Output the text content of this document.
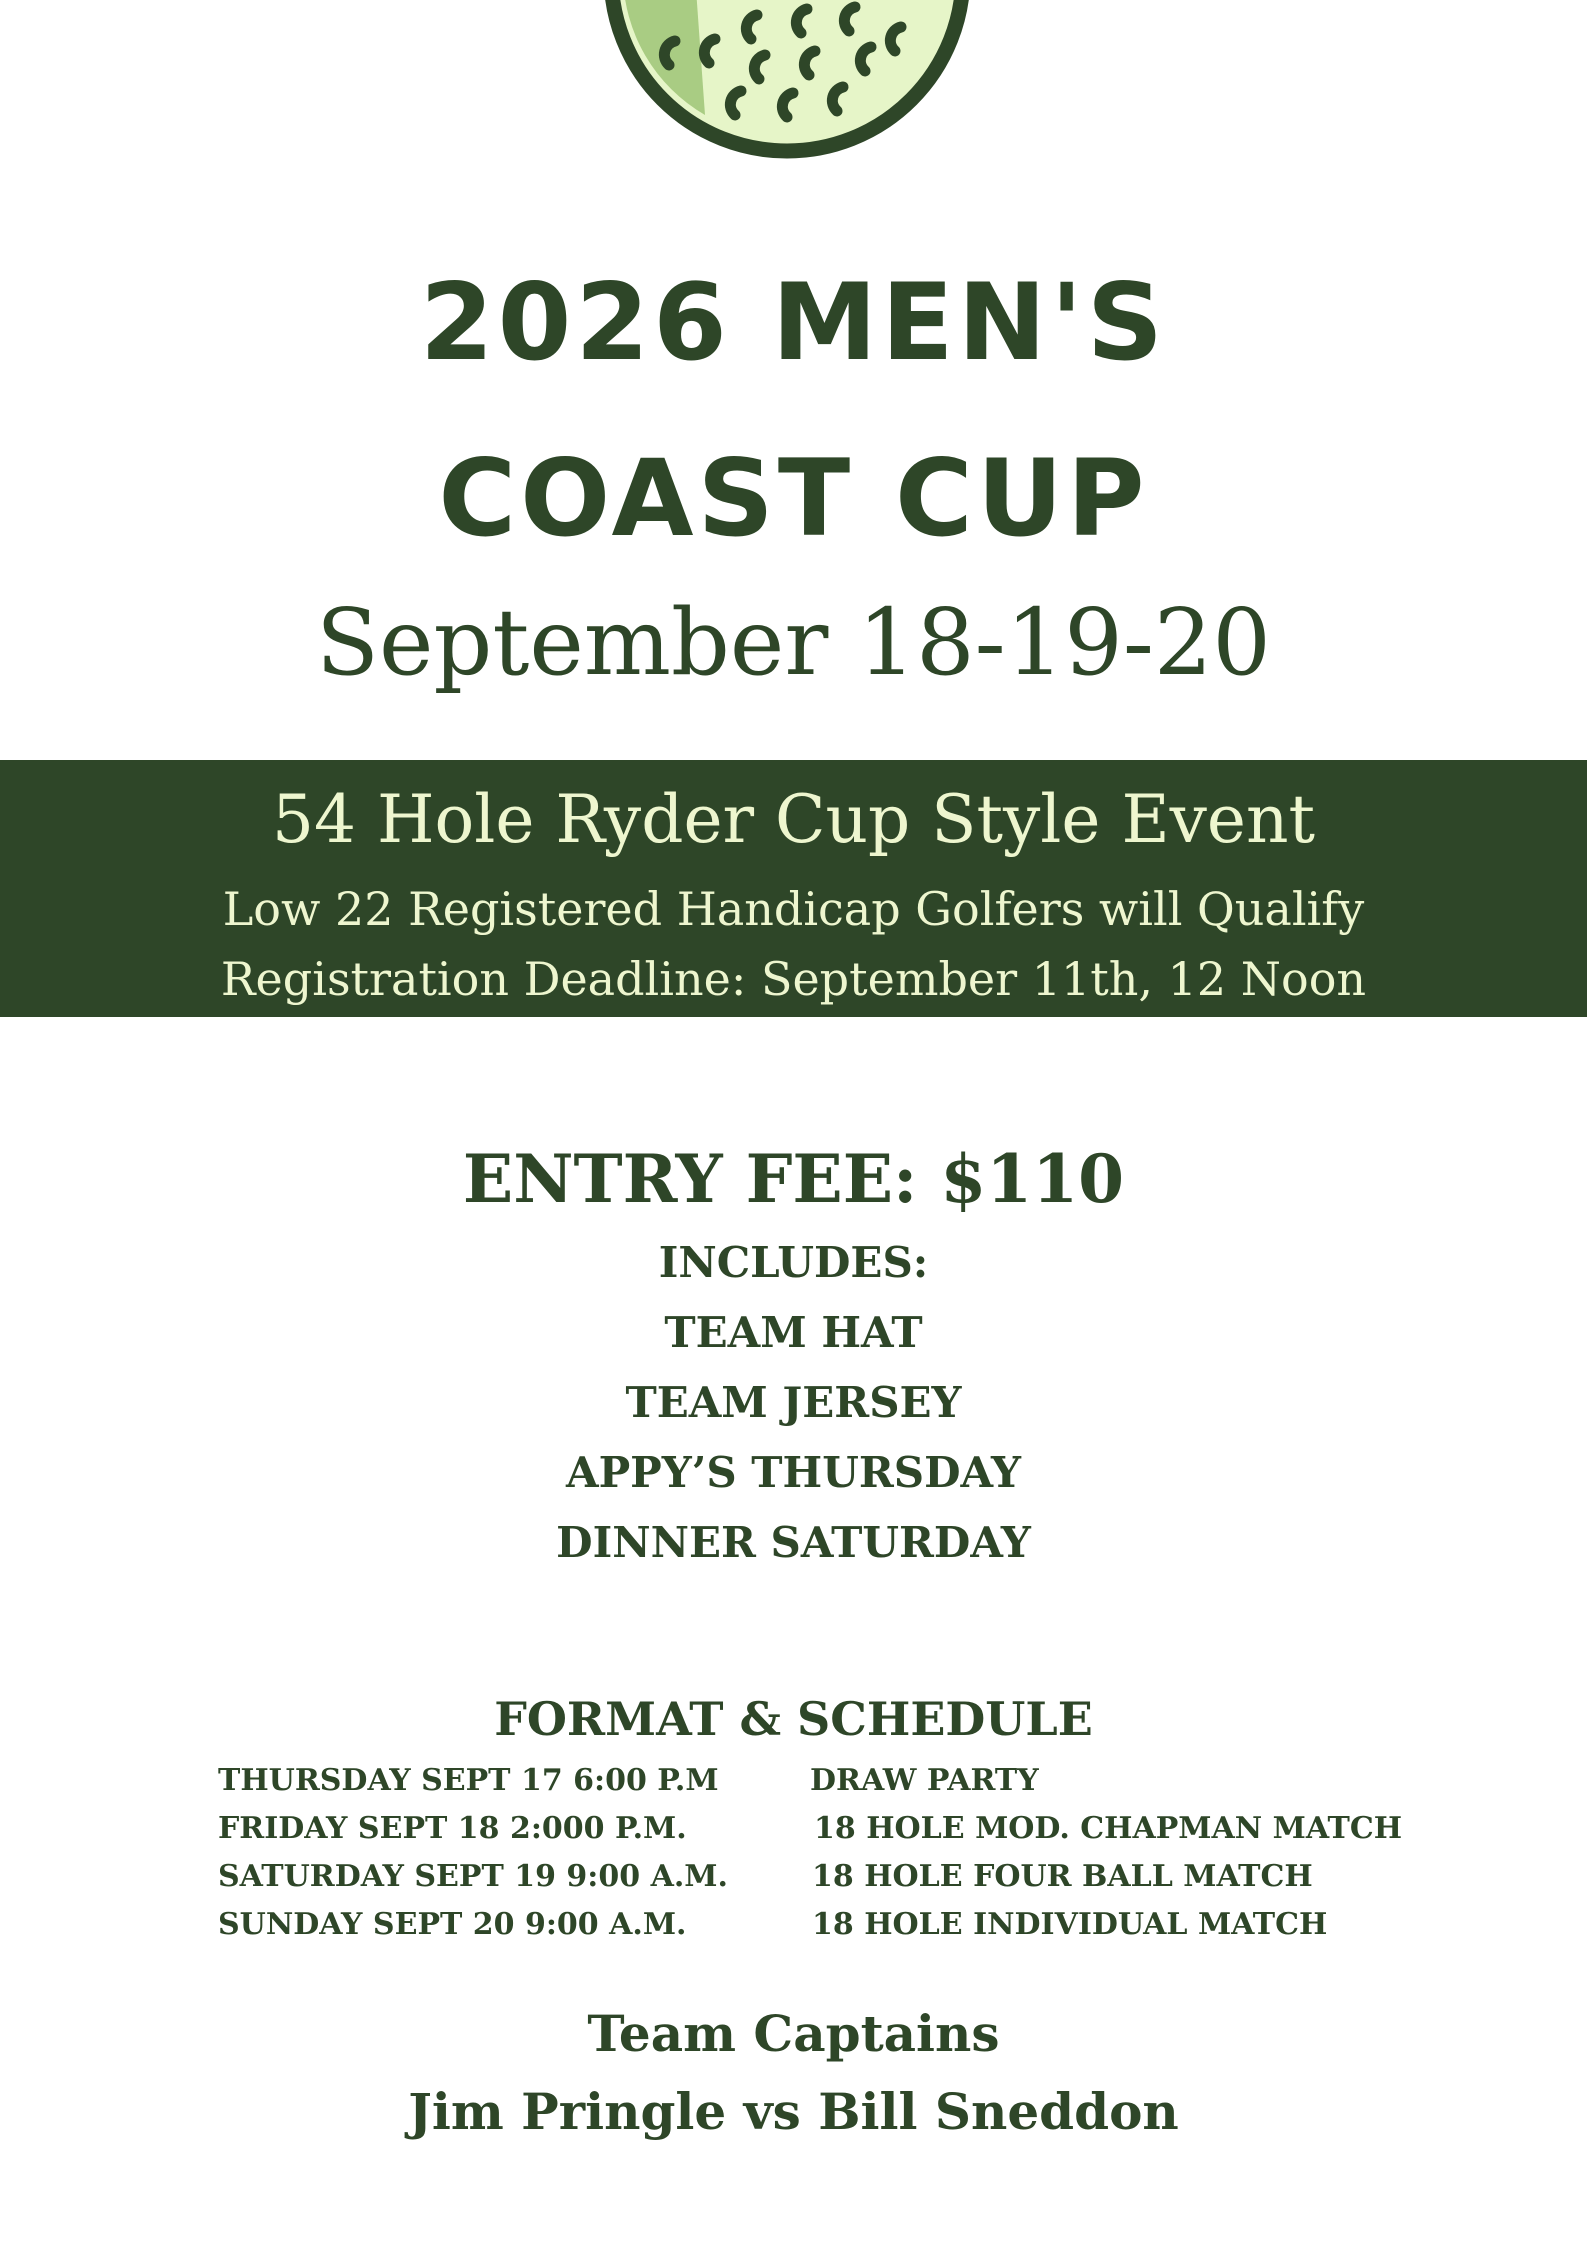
2026 MEN'S
COAST CUP
September 18-19-20
54 Hole Ryder Cup Style Event
Low 22 Registered Handicap Golfers will Qualify
Registration Deadline: September 11th, 12 Noon
ENTRY FEE: $110
INCLUDES:
TEAM HAT
TEAM JERSEY
APPY’S THURSDAY
DINNER SATURDAY
FORMAT & SCHEDULE
THURSDAY SEPT 17 6:00 P.M	DRAW PARTY
FRIDAY SEPT 18 2:000 P.M.	18 HOLE MOD. CHAPMAN MATCH
SATURDAY SEPT 19 9:00 A.M.	18 HOLE FOUR BALL MATCH
SUNDAY SEPT 20 9:00 A.M.	18 HOLE INDIVIDUAL MATCH
Team Captains
Jim Pringle vs Bill Sneddon
